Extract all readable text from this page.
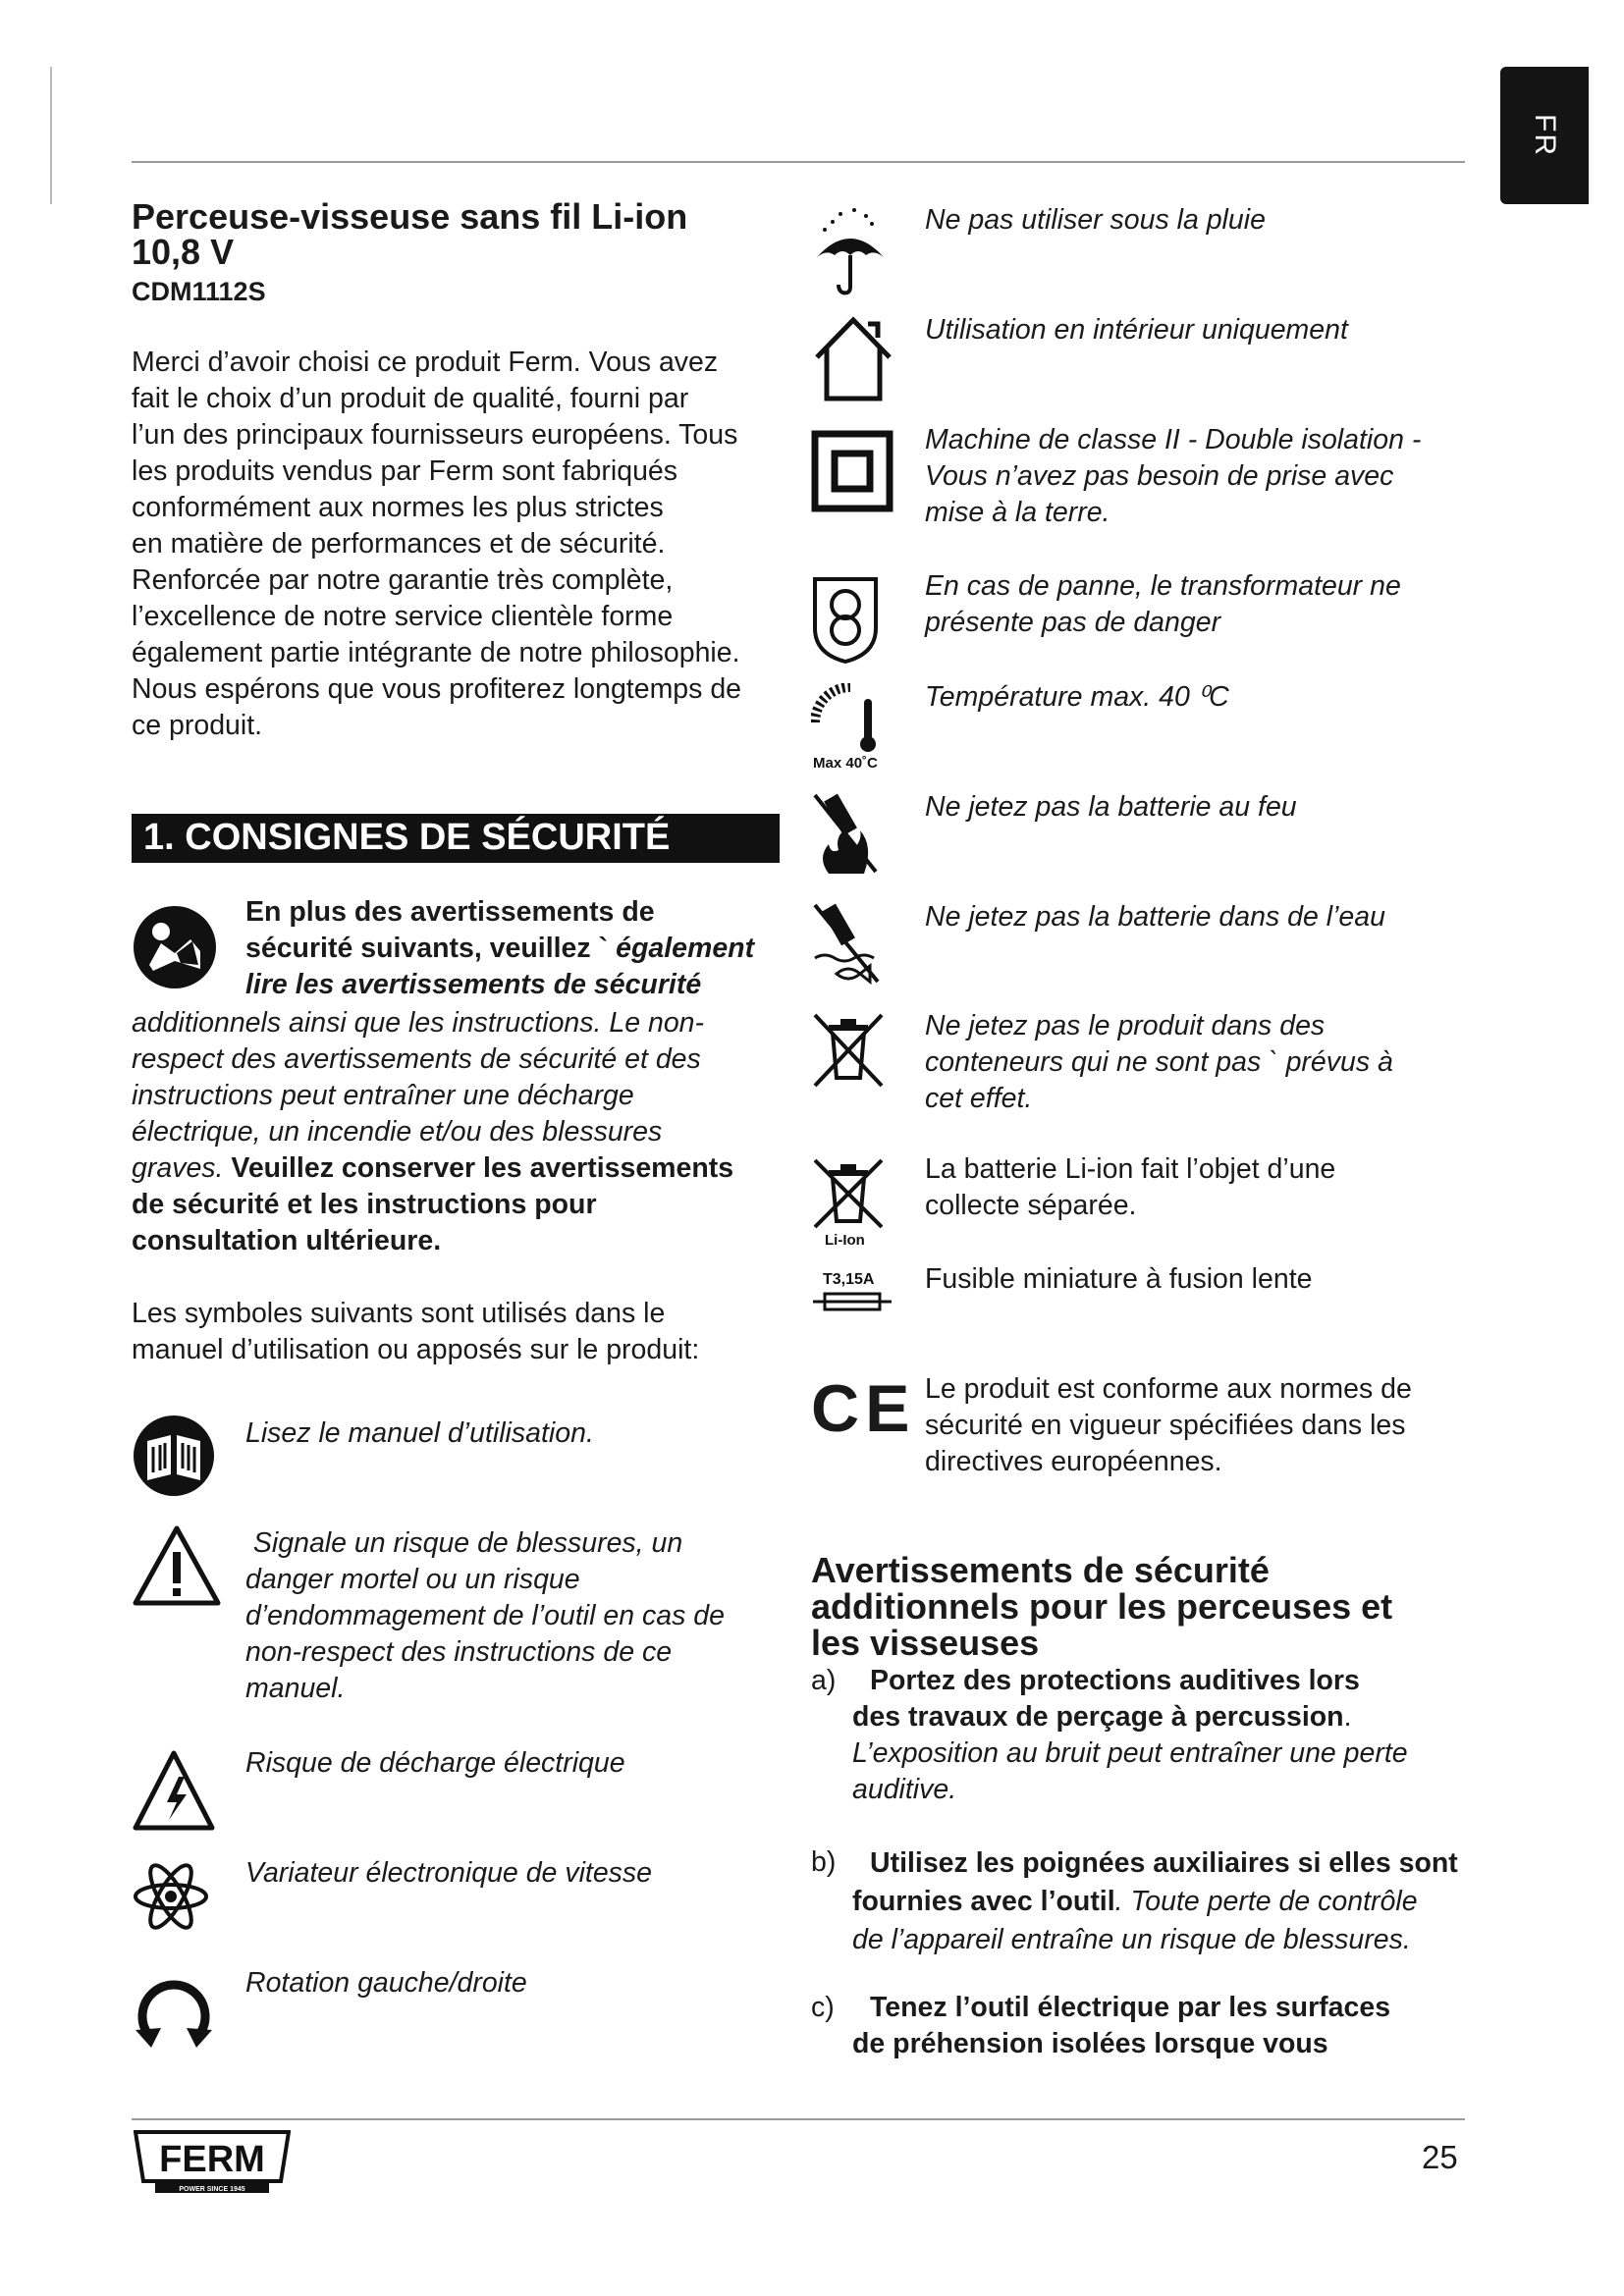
FR
Perceuse-visseuse sans fil Li-ion
10,8 V
CDM1112S
Merci d’avoir choisi ce produit Ferm. Vous avez
fait le choix d’un produit de qualité, fourni par
l’un des principaux fournisseurs européens. Tous
les produits vendus par Ferm sont fabriqués
conformément aux normes les plus strictes
en matière de performances et de sécurité.
Renforcée par notre garantie très complète,
l’excellence de notre service clientèle forme
également partie intégrante de notre philosophie.
Nous espérons que vous profiterez longtemps de
ce produit.
1. CONSIGNES DE SÉCURITÉ
En plus des avertissements de
sécurité suivants, veuillez ` également
lire les avertissements de sécurité
additionnels ainsi que les instructions. Le non-
respect des avertissements de sécurité et des
instructions peut entraîner une décharge
électrique, un incendie et/ou des blessures
graves. Veuillez conserver les avertissements
de sécurité et les instructions pour
consultation ultérieure.
Les symboles suivants sont utilisés dans le
manuel d’utilisation ou apposés sur le produit:
Lisez le manuel d’utilisation.
Signale un risque de blessures, un
danger mortel ou un risque
d’endommagement de l’outil en cas de
non-respect des instructions de ce
manuel.
Risque de décharge électrique
Variateur électronique de vitesse
Rotation gauche/droite
Ne pas utiliser sous la pluie
Utilisation en intérieur uniquement
Machine de classe II - Double isolation -
Vous n’avez pas besoin de prise avec
mise à la terre.
En cas de panne, le transformateur ne
présente pas de danger
Max 40˚C
Température max. 40 ⁰C
Ne jetez pas la batterie au feu
Ne jetez pas la batterie dans de l’eau
Ne jetez pas le produit dans des
conteneurs qui ne sont pas ` prévus à
cet effet.
Li-Ion
La batterie Li-ion fait l’objet d’une
collecte séparée.
T3,15A Fusible miniature à fusion lente
CE Le produit est conforme aux normes de
sécurité en vigueur spécifiées dans les
directives européennes.
Avertissements de sécurité
additionnels pour les perceuses et
les visseuses
a)	Portez des protections auditives lors
des travaux de perçage à percussion.
L’exposition au bruit peut entraîner une perte
auditive.
b)	Utilisez les poignées auxiliaires si elles sont
fournies avec l’outil. Toute perte de contrôle
de l’appareil entraîne un risque de blessures.
c)	Tenez l’outil électrique par les surfaces
de préhension isolées lorsque vous
FERM
POWER SINCE 1945
25
